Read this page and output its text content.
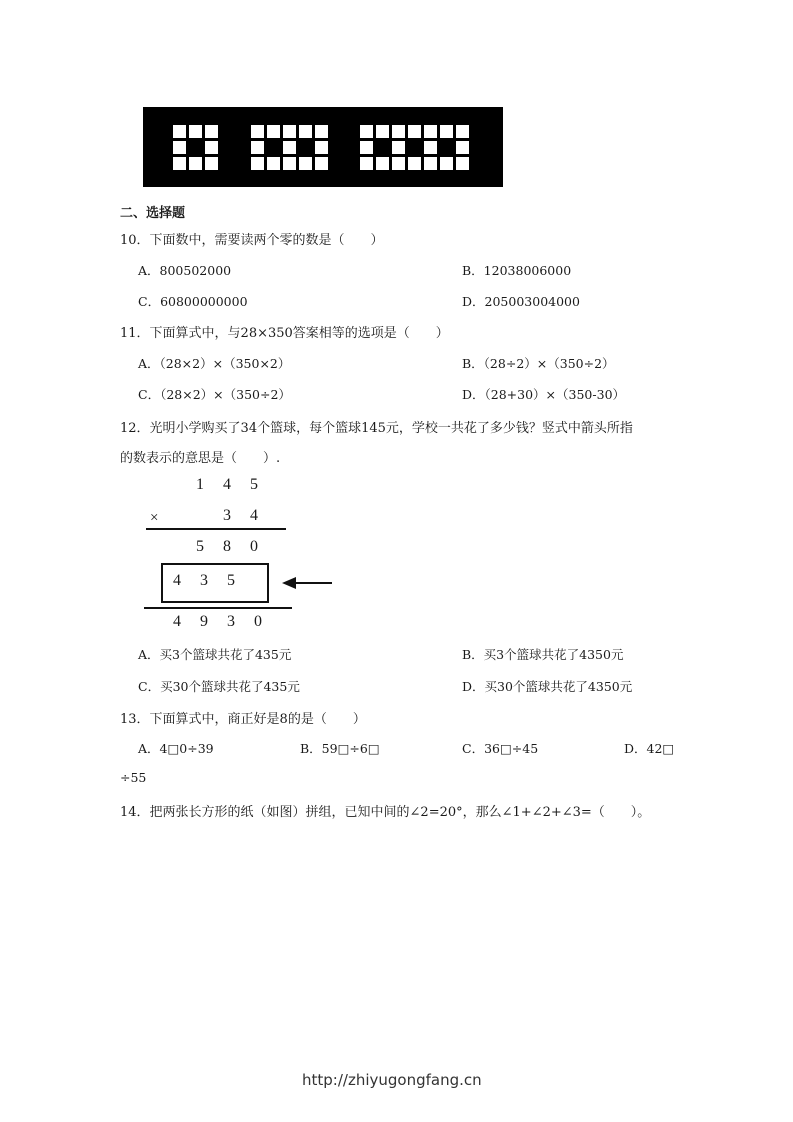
二、选择题
10．下面数中，需要读两个零的数是（　　）
A．800502000	B．12038006000
C．60800000000	D．205003004000
11．下面算式中，与28×350答案相等的选项是（　　）
A．（28×2）×（350×2）	B．（28÷2）×（350÷2）
C．（28×2）×（350÷2）	D．（28+30）×（350-30）
12．光明小学购买了34个篮球，每个篮球145元，学校一共花了多少钱？竖式中箭头所指
的数表示的意思是（　　）.
1 4 5
×	3 4
5 8 0
4 3 5
4 9 3 0
A．买3个篮球共花了435元	B．买3个篮球共花了4350元
C．买30个篮球共花了435元	D．买30个篮球共花了4350元
13．下面算式中，商正好是8的是（　　）
A．4□0÷39	B．59□÷6□	C．36□÷45	D．42□
÷55
14．把两张长方形的纸（如图）拼组，已知中间的∠2=20°，那么∠1+∠2+∠3=（　　）。
http://zhiyugongfang.cn
